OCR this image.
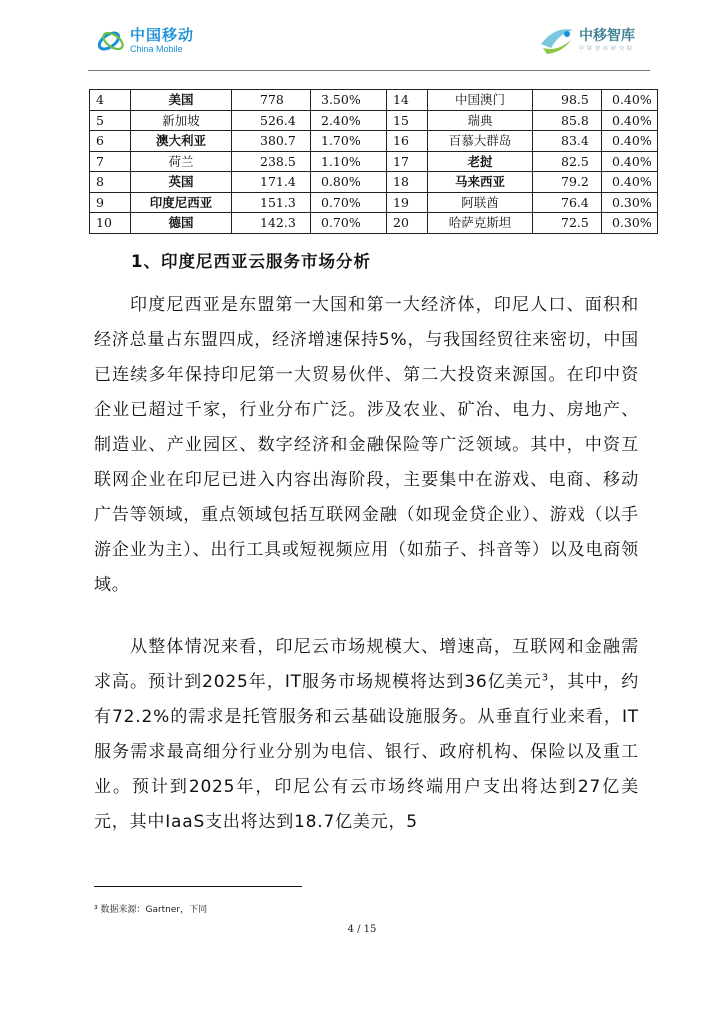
中国移动
China Mobile
中移智库
中移智库研究院
4	美国	778	3.50%	14	中国澳门	98.5	0.40%
5	新加坡	526.4	2.40%	15	瑞典	85.8	0.40%
6	澳大利亚	380.7	1.70%	16	百慕大群岛	83.4	0.40%
7	荷兰	238.5	1.10%	17	老挝	82.5	0.40%
8	英国	171.4	0.80%	18	马来西亚	79.2	0.40%
9	印度尼西亚	151.3	0.70%	19	阿联酋	76.4	0.30%
10	德国	142.3	0.70%	20	哈萨克斯坦	72.5	0.30%
1、印度尼西亚云服务市场分析

印度尼西亚是东盟第一大国和第一大经济体，印尼人口、面积和经济总量占东盟四成，经济增速保持5%，与我国经贸往来密切，中国已连续多年保持印尼第一大贸易伙伴、第二大投资来源国。在印中资企业已超过千家，行业分布广泛。涉及农业、矿冶、电力、房地产、制造业、产业园区、数字经济和金融保险等广泛领域。其中，中资互联网企业在印尼已进入内容出海阶段，主要集中在游戏、电商、移动广告等领域，重点领域包括互联网金融（如现金贷企业）、游戏（以手游企业为主）、出行工具或短视频应用（如茄子、抖音等）以及电商领域。

从整体情况来看，印尼云市场规模大、增速高，互联网和金融需求高。预计到2025年，IT服务市场规模将达到36亿美元$^3$，其中，约有72.2%的需求是托管服务和云基础设施服务。从垂直行业来看，IT服务需求最高细分行业分别为电信、银行、政府机构、保险以及重工业。预计到2025年，印尼公有云市场终端用户支出将达到27亿美元，其中IaaS支出将达到18.7亿美元，5

³ 数据来源：Gartner，下同
4 / 15
